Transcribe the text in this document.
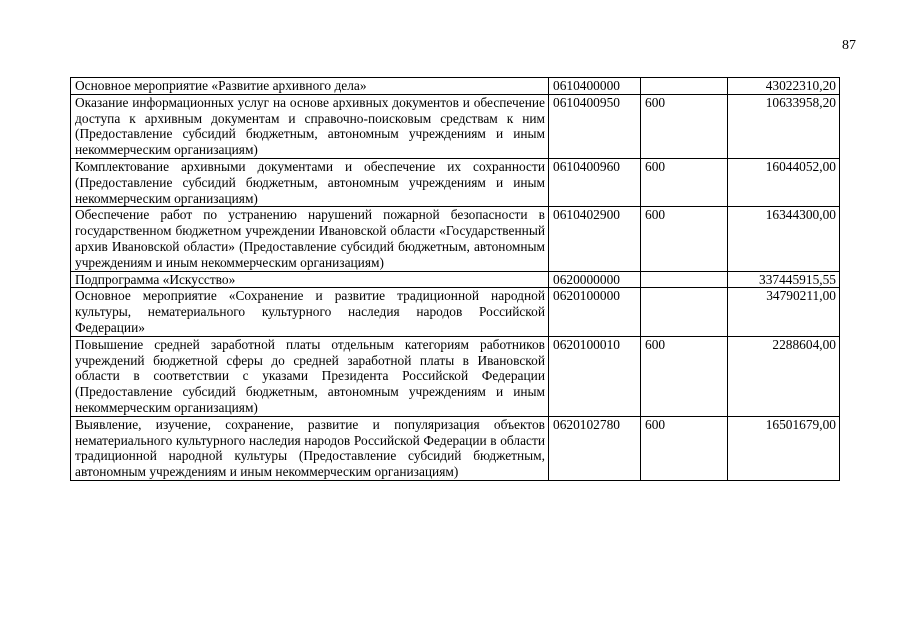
87
Основное мероприятие «Развитие архивного дела»	0610400000		43022310,20
Оказание информационных услуг на основе архивных документов и обеспечение доступа к архивным документам и справочно-поисковым средствам к ним (Предоставление субсидий бюджетным, автономным учреждениям и иным некоммерческим организациям)	0610400950	600	10633958,20
Комплектование архивными документами и обеспечение их сохранности (Предоставление субсидий бюджетным, автономным учреждениям и иным некоммерческим организациям)	0610400960	600	16044052,00
Обеспечение работ по устранению нарушений пожарной безопасности в государственном бюджетном учреждении Ивановской области «Государственный архив Ивановской области» (Предоставление субсидий бюджетным, автономным учреждениям и иным некоммерческим организациям)	0610402900	600	16344300,00
Подпрограмма «Искусство»	0620000000		337445915,55
Основное мероприятие «Сохранение и развитие традиционной народной культуры, нематериального культурного наследия народов Российской Федерации»	0620100000		34790211,00
Повышение средней заработной платы отдельным категориям работников учреждений бюджетной сферы до средней заработной платы в Ивановской области в соответствии с указами Президента Российской Федерации (Предоставление субсидий бюджетным, автономным учреждениям и иным некоммерческим организациям)	0620100010	600	2288604,00
Выявление, изучение, сохранение, развитие и популяризация объектов нематериального культурного наследия народов Российской Федерации в области традиционной народной культуры (Предоставление субсидий бюджетным, автономным учреждениям и иным некоммерческим организациям)	0620102780	600	16501679,00
